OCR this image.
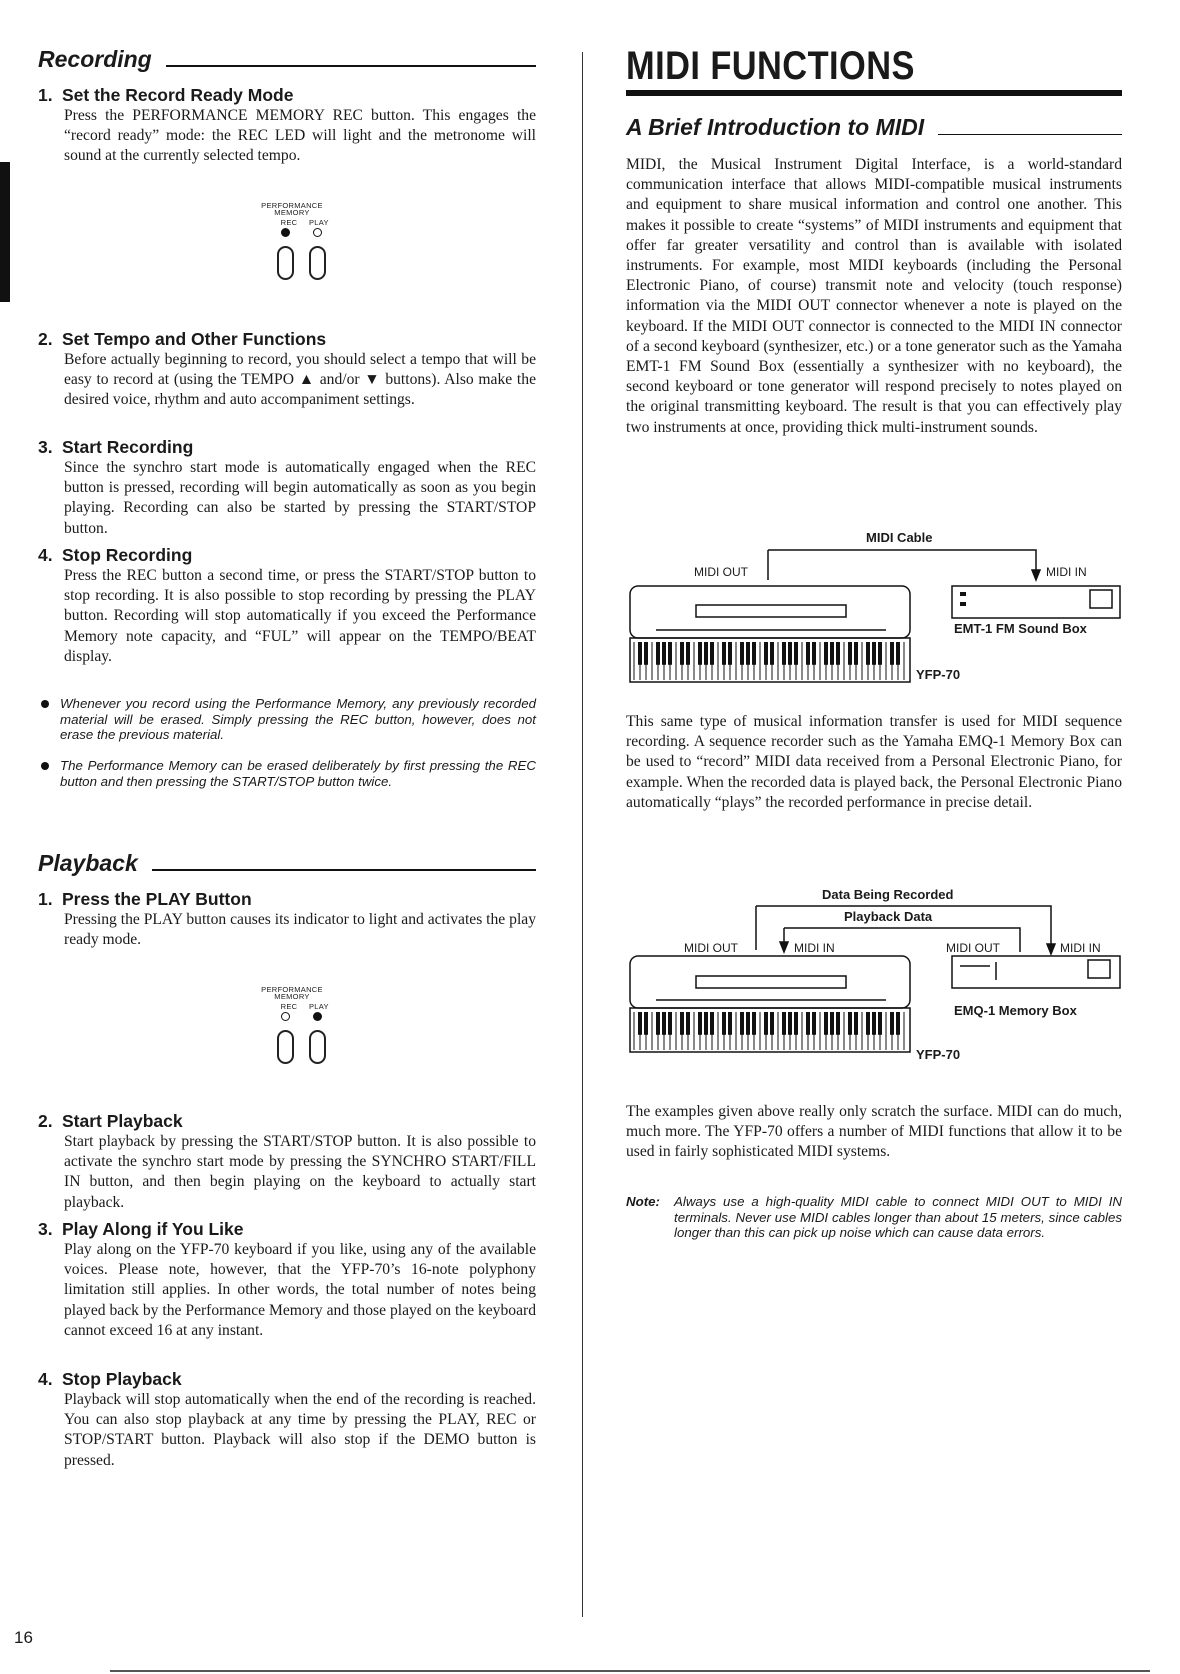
Recording
1. Set the Record Ready Mode

Press the PERFORMANCE MEMORY REC button. This engages the “record ready” mode: the REC LED will light and the metronome will sound at the currently selected tempo.

PERFORMANCE
MEMORY
REC	PLAY
2. Set Tempo and Other Functions

Before actually beginning to record, you should select a tempo that will be easy to record at (using the TEMPO ▲ and/or ▼ buttons). Also make the desired voice, rhythm and auto accompaniment settings.

3. Start Recording

Since the synchro start mode is automatically engaged when the REC button is pressed, recording will begin automatically as soon as you begin playing. Recording can also be started by pressing the START/STOP button.

4. Stop Recording

Press the REC button a second time, or press the START/STOP button to stop recording. It is also possible to stop recording by pressing the PLAY button. Recording will stop automatically if you exceed the Performance Memory note capacity, and “FUL” will appear on the TEMPO/BEAT display.

Whenever you record using the Performance Memory, any previously recorded material will be erased. Simply pressing the REC button, however, does not erase the previous material.
The Performance Memory can be erased deliberately by first pressing the REC button and then pressing the START/STOP button twice.
Playback
1. Press the PLAY Button

Pressing the PLAY button causes its indicator to light and activates the play ready mode.

PERFORMANCE
MEMORY
REC	PLAY
2. Start Playback

Start playback by pressing the START/STOP button. It is also possible to activate the synchro start mode by pressing the SYNCHRO START/FILL IN button, and then begin playing on the keyboard to actually start playback.

3. Play Along if You Like

Play along on the YFP-70 keyboard if you like, using any of the available voices. Please note, however, that the YFP-70’s 16-note polyphony limitation still applies. In other words, the total number of notes being played back by the Performance Memory and those played on the keyboard cannot exceed 16 at any instant.

4. Stop Playback

Playback will stop automatically when the end of the recording is reached. You can also stop playback at any time by pressing the PLAY, REC or STOP/START button. Playback will also stop if the DEMO button is pressed.

MIDI FUNCTIONS
A Brief Introduction to MIDI

MIDI, the Musical Instrument Digital Interface, is a world-standard communication interface that allows MIDI-compatible musical instruments and equipment to share musical information and control one another. This makes it possible to create “systems” of MIDI instruments and equipment that offer far greater versatility and control than is available with isolated instruments. For example, most MIDI keyboards (including the Personal Electronic Piano, of course) transmit note and velocity (touch response) information via the MIDI OUT connector whenever a note is played on the keyboard. If the MIDI OUT connector is connected to the MIDI IN connector of a second keyboard (synthesizer, etc.) or a tone generator such as the Yamaha EMT-1 FM Sound Box (essentially a synthesizer with no keyboard), the second keyboard or tone generator will respond precisely to notes played on the original transmitting keyboard. The result is that you can effectively play two instruments at once, providing thick multi-instrument sounds.

MIDI Cable
MIDI OUT	MIDI IN
EMT-1 FM Sound Box
YFP-70

This same type of musical information transfer is used for MIDI sequence recording. A sequence recorder such as the Yamaha EMQ-1 Memory Box can be used to “record” MIDI data received from a Personal Electronic Piano, for example. When the recorded data is played back, the Personal Electronic Piano automatically “plays” the recorded performance in precise detail.

Data Being Recorded
Playback Data
MIDI OUT	MIDI IN	MIDI OUT	MIDI IN
EMQ-1 Memory Box
YFP-70

The examples given above really only scratch the surface. MIDI can do much, much more. The YFP-70 offers a number of MIDI functions that allow it to be used in fairly sophisticated MIDI systems.

Note: Always use a high-quality MIDI cable to connect MIDI OUT to MIDI IN terminals. Never use MIDI cables longer than about 15 meters, since cables longer than this can pick up noise which can cause data errors.
16
